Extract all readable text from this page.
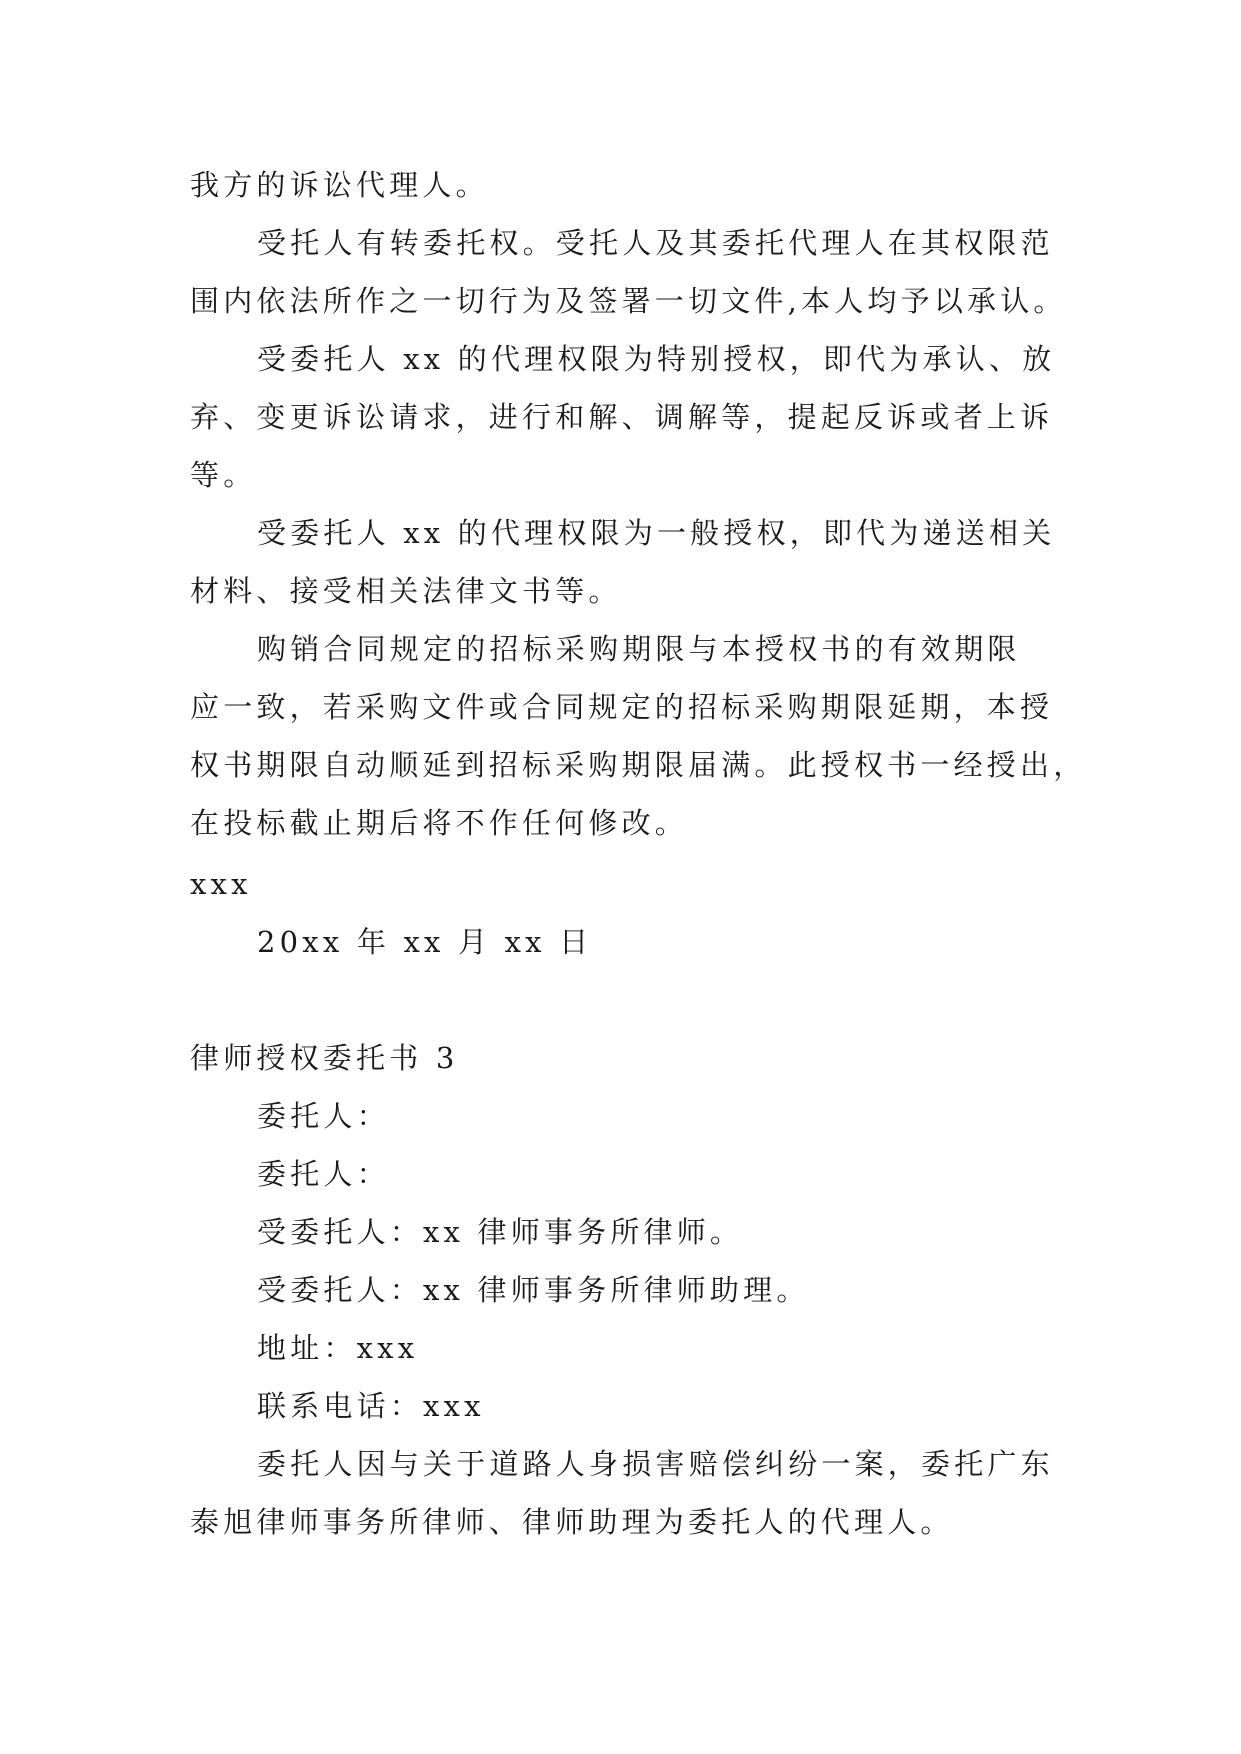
我方的诉讼代理人。
受托人有转委托权。受托人及其委托代理人在其权限范
围内依法所作之一切行为及签署一切文件,本人均予以承认。
受委托人 xx 的代理权限为特别授权，即代为承认、放
弃、变更诉讼请求，进行和解、调解等，提起反诉或者上诉
等。
受委托人 xx 的代理权限为一般授权，即代为递送相关
材料、接受相关法律文书等。
购销合同规定的招标采购期限与本授权书的有效期限
应一致，若采购文件或合同规定的招标采购期限延期，本授
权书期限自动顺延到招标采购期限届满。此授权书一经授出，
在投标截止期后将不作任何修改。
xxx
20xx 年 xx 月 xx 日
律师授权委托书 3
委托人：
委托人：
受委托人：xx 律师事务所律师。
受委托人：xx 律师事务所律师助理。
地址：xxx
联系电话：xxx
委托人因与关于道路人身损害赔偿纠纷一案，委托广东
泰旭律师事务所律师、律师助理为委托人的代理人。
